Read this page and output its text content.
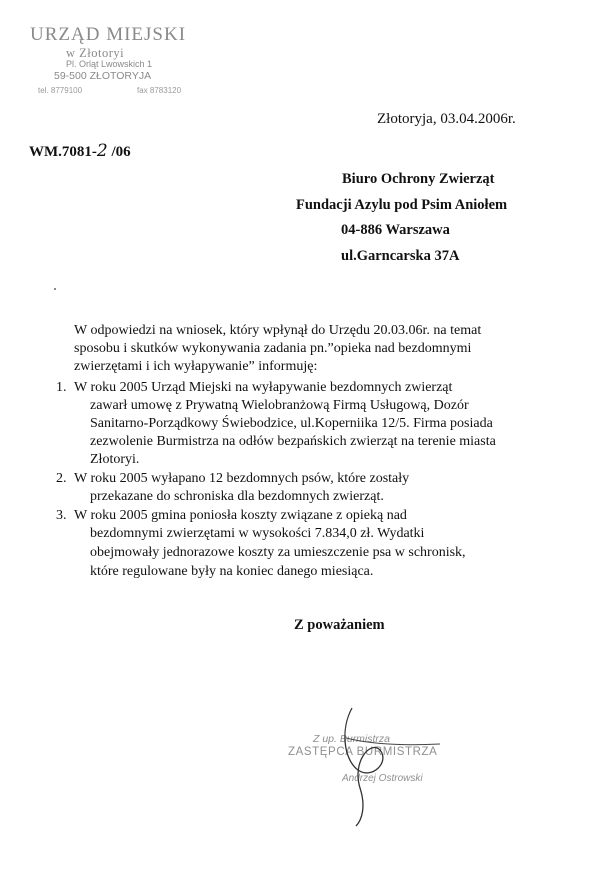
URZĄD MIEJSKI
w Złotoryi
Pl. Orląt Lwowskich 1
59-500 ZŁOTORYJA
tel. 8779100	fax 8783120
Złotoryja, 03.04.2006r.
WM.7081-2 /06
Biuro Ochrony Zwierząt
Fundacji Azylu pod Psim Aniołem
04-886 Warszawa
ul.Garncarska 37A
W odpowiedzi na wniosek, który wpłynął do Urzędu 20.03.06r. na temat
sposobu i skutków wykonywania zadania pn.”opieka nad bezdomnymi
zwierzętami i ich wyłapywanie” informuję:
1. W roku 2005 Urząd Miejski na wyłapywanie bezdomnych zwierząt
zawarł umowę z Prywatną Wielobranżową Firmą Usługową, Dozór
Sanitarno-Porządkowy Świebodzice, ul.Koperniika 12/5. Firma posiada
zezwolenie Burmistrza na odłów bezpańskich zwierząt na terenie miasta
Złotoryi.
2. W roku 2005 wyłapano 12 bezdomnych psów, które zostały
przekazane do schroniska dla bezdomnych zwierząt.
3. W roku 2005 gmina poniosła koszty związane z opieką nad
bezdomnymi zwierzętami w wysokości 7.834,0 zł. Wydatki
obejmowały jednorazowe koszty za umieszczenie psa w schronisk,
które regulowane były na koniec danego miesiąca.
Z poważaniem
Z up. Burmistrza
ZASTĘPCA BURMISTRZA
Andrzej Ostrowski
